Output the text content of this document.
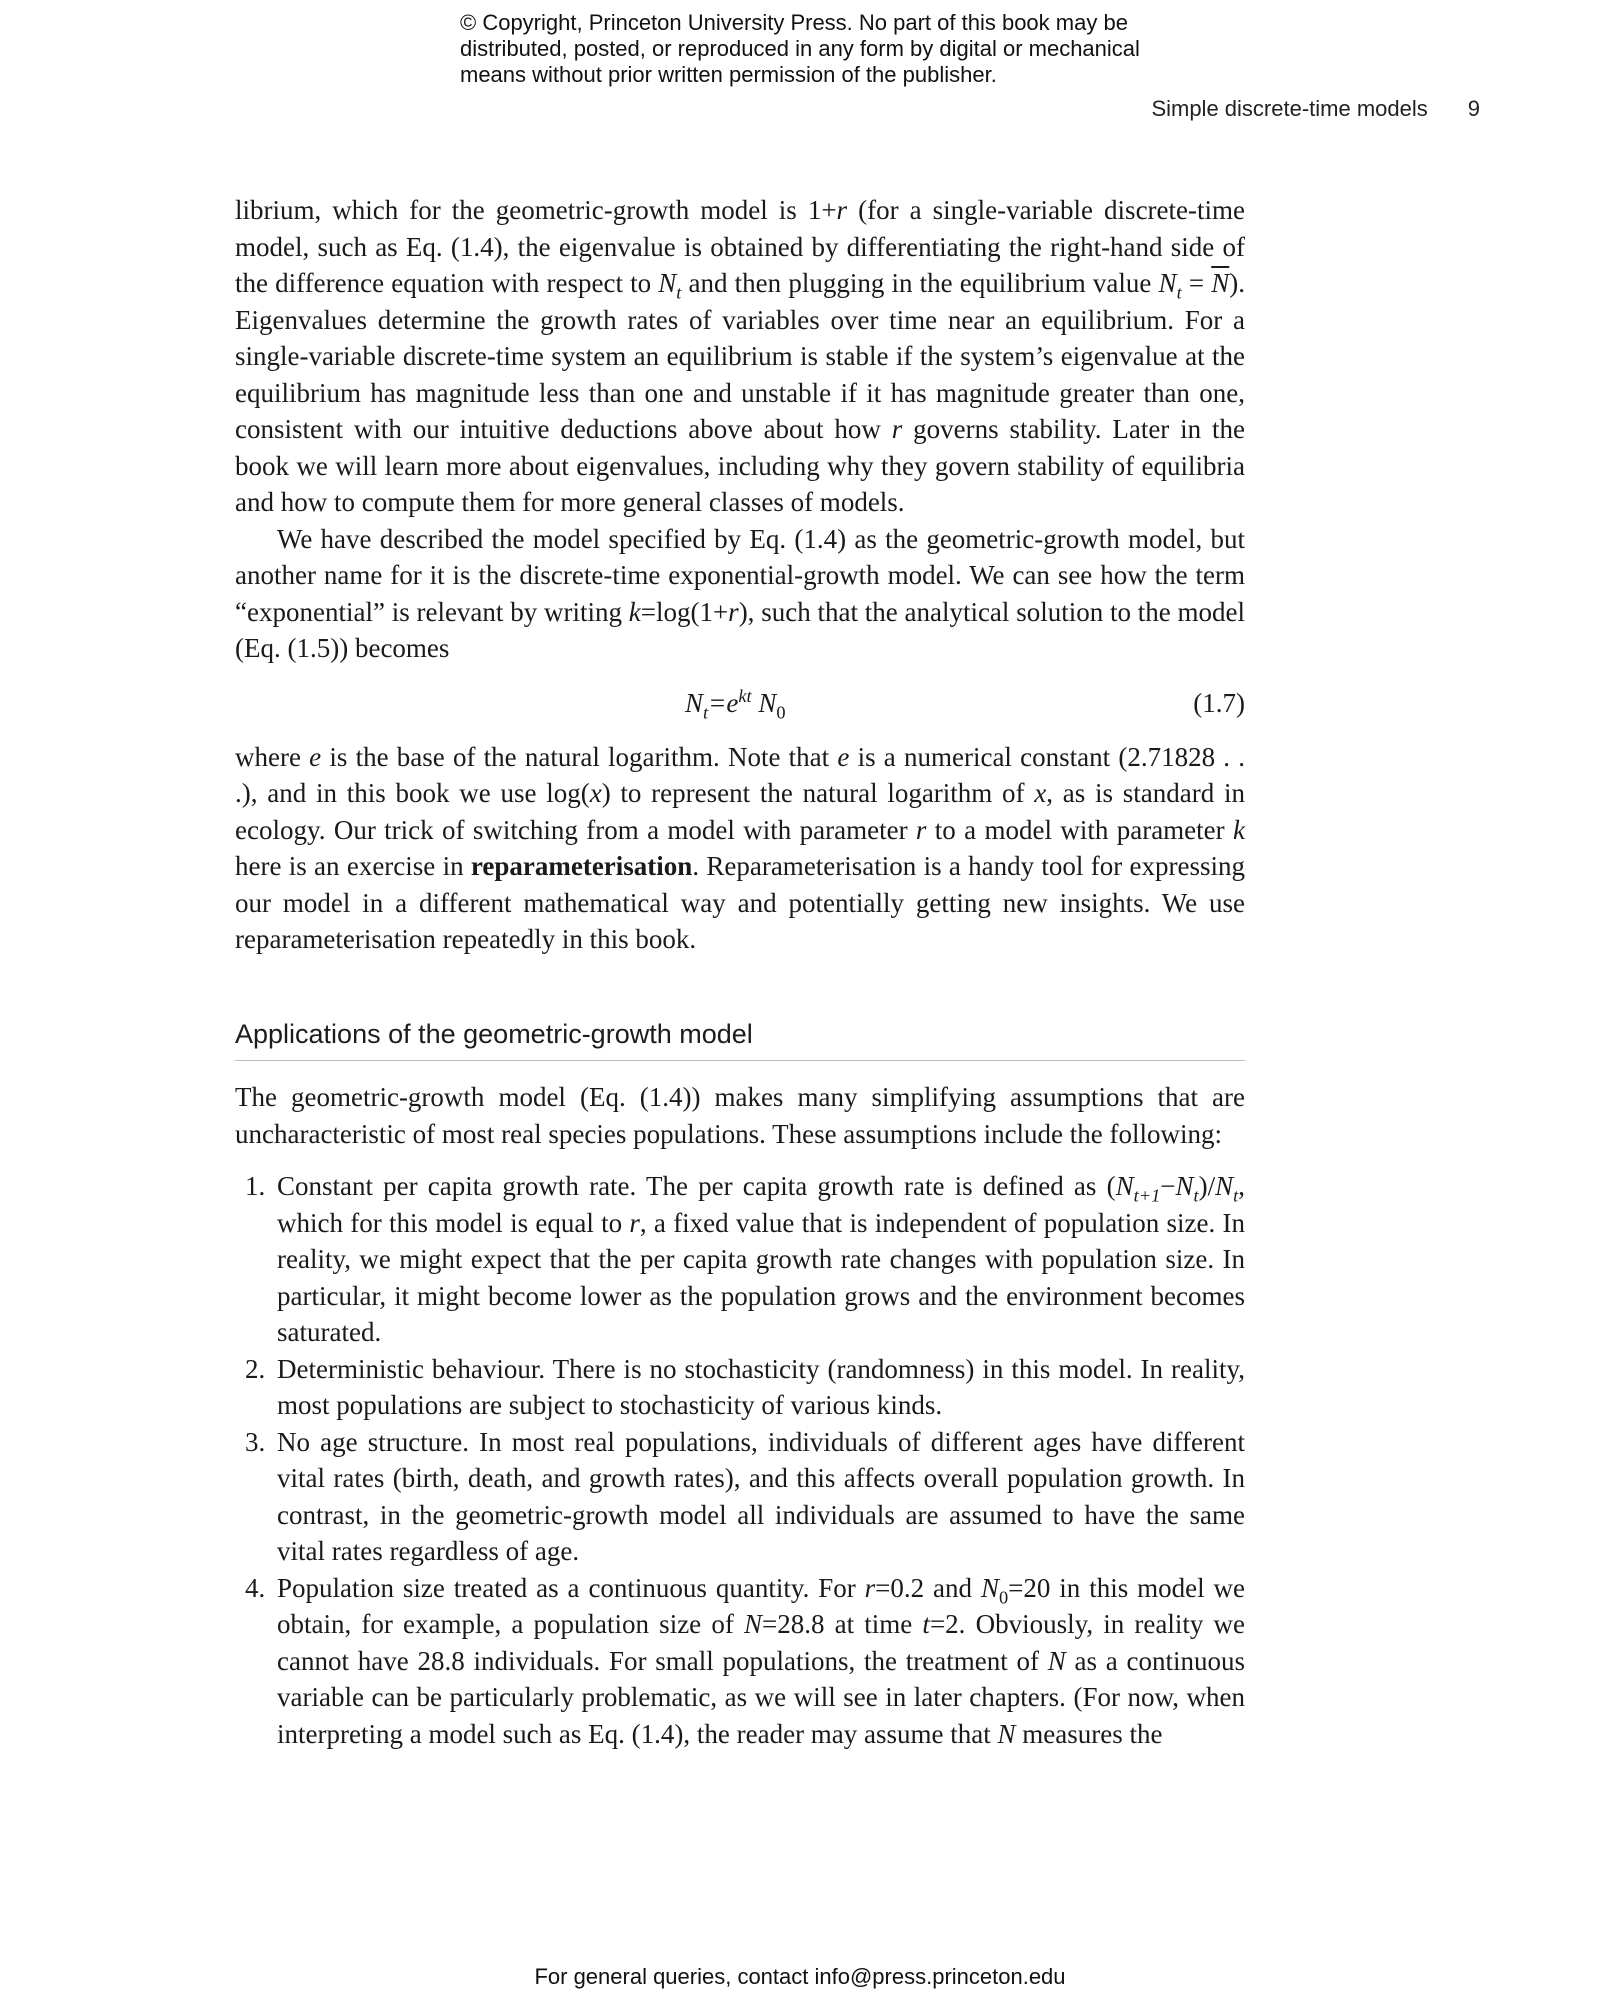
© Copyright, Princeton University Press. No part of this book may be
distributed, posted, or reproduced in any form by digital or mechanical
means without prior written permission of the publisher.
Simple discrete-time models 9

librium, which for the geometric-growth model is 1+r (for a single-variable discrete-time model, such as Eq. (1.4), the eigenvalue is obtained by differentiating the right-hand side of the difference equation with respect to $N_t$ and then plugging in the equilibrium value $N_t = \overline{N}$). Eigenvalues determine the growth rates of variables over time near an equilibrium. For a single-variable discrete-time system an equilibrium is stable if the system’s eigenvalue at the equilibrium has magnitude less than one and unstable if it has magnitude greater than one, consistent with our intuitive deductions above about how r governs stability. Later in the book we will learn more about eigenvalues, including why they govern stability of equilibria and how to compute them for more general classes of models.

We have described the model specified by Eq. (1.4) as the geometric-growth model, but another name for it is the discrete-time exponential-growth model. We can see how the term “exponential” is relevant by writing k=log(1+r), such that the analytical solution to the model (Eq. (1.5)) becomes

$N_t=e^{kt}$ $N_0$	(1.7)

where e is the base of the natural logarithm. Note that e is a numerical constant (2.71828 . . .), and in this book we use log(x) to represent the natural logarithm of x, as is standard in ecology. Our trick of switching from a model with parameter r to a model with parameter k here is an exercise in reparameterisation. Reparameterisation is a handy tool for expressing our model in a different mathematical way and potentially getting new insights. We use reparameterisation repeatedly in this book.

Applications of the geometric-growth model

The geometric-growth model (Eq. (1.4)) makes many simplifying assumptions that are uncharacteristic of most real species populations. These assumptions include the following:

1. Constant per capita growth rate. The per capita growth rate is defined as $(N_{t+1}-N_t)/N_t$, which for this model is equal to r, a fixed value that is independent of population size. In reality, we might expect that the per capita growth rate changes with population size. In particular, it might become lower as the population grows and the environment becomes saturated.
2. Deterministic behaviour. There is no stochasticity (randomness) in this model. In reality, most populations are subject to stochasticity of various kinds.
3. No age structure. In most real populations, individuals of different ages have different vital rates (birth, death, and growth rates), and this affects overall population growth. In contrast, in the geometric-growth model all individuals are assumed to have the same vital rates regardless of age.
4. Population size treated as a continuous quantity. For r=0.2 and $N_0=20$ in this model we obtain, for example, a population size of N=28.8 at time t=2. Obviously, in reality we cannot have 28.8 individuals. For small populations, the treatment of N as a continuous variable can be particularly problematic, as we will see in later chapters. (For now, when interpreting a model such as Eq. (1.4), the reader may assume that N measures the
For general queries, contact info@press.princeton.edu
